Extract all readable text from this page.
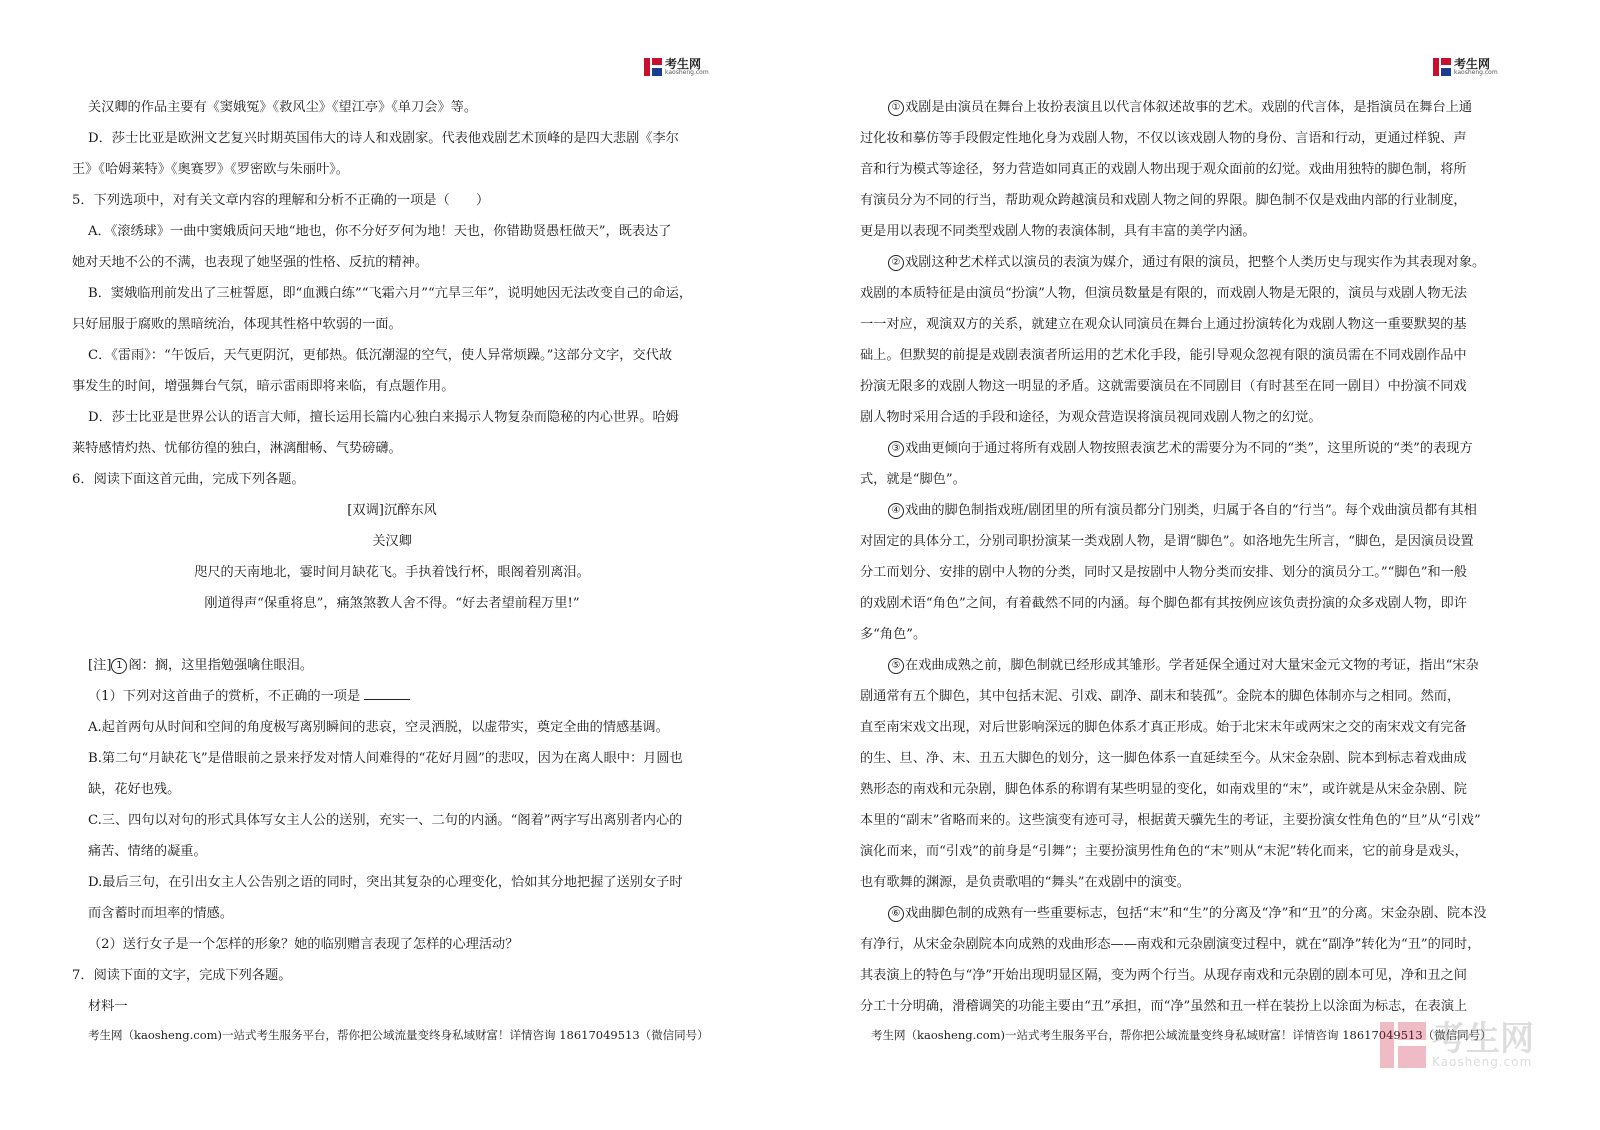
考生网
kaosheng.com
关汉卿的作品主要有《窦娥冤》《救风尘》《望江亭》《单刀会》等。
D．莎士比亚是欧洲文艺复兴时期英国伟大的诗人和戏剧家。代表他戏剧艺术顶峰的是四大悲剧《李尔
王》《哈姆莱特》《奥赛罗》《罗密欧与朱丽叶》。
5．下列选项中，对有关文章内容的理解和分析不正确的一项是（　　）
A．《滚绣球》一曲中窦娥质问天地“地也，你不分好歹何为地！天也，你错勘贤愚枉做天”，既表达了
她对天地不公的不满，也表现了她坚强的性格、反抗的精神。
B．窦娥临刑前发出了三桩誓愿，即“血溅白练”“飞霜六月”“亢旱三年”，说明她因无法改变自己的命运，
只好屈服于腐败的黑暗统治，体现其性格中软弱的一面。
C．《雷雨》：“午饭后，天气更阴沉，更郁热。低沉潮湿的空气，使人异常烦躁。”这部分文字，交代故
事发生的时间，增强舞台气氛，暗示雷雨即将来临，有点题作用。
D．莎士比亚是世界公认的语言大师，擅长运用长篇内心独白来揭示人物复杂而隐秘的内心世界。哈姆
莱特感情灼热、忧郁彷徨的独白，淋漓酣畅、气势磅礴。
6．阅读下面这首元曲，完成下列各题。
[双调]沉醉东风
关汉卿
咫尺的天南地北，霎时间月缺花飞。手执着饯行杯，眼阁着别离泪。
刚道得声“保重将息”，痛煞煞教人舍不得。“好去者望前程万里!”
[注] 1 阁：搁，这里指勉强噙住眼泪。
（1）下列对这首曲子的赏析，不正确的一项是
A.起首两句从时间和空间的角度极写离别瞬间的悲哀，空灵洒脱，以虚带实，奠定全曲的情感基调。
B.第二句“月缺花飞”是借眼前之景来抒发对情人间难得的“花好月圆”的悲叹，因为在离人眼中：月圆也
缺，花好也残。
C.三、四句以对句的形式具体写女主人公的送别，充实一、二句的内涵。“阁着”两字写出离别者内心的
痛苦、情绪的凝重。
D.最后三句，在引出女主人公告别之语的同时，突出其复杂的心理变化，恰如其分地把握了送别女子时
而含蓄时而坦率的情感。
（2）送行女子是一个怎样的形象？她的临别赠言表现了怎样的心理活动？
7．阅读下面的文字，完成下列各题。
材料一
考生网（kaosheng.com)一站式考生服务平台，帮你把公域流量变终身私域财富！详情咨询 18617049513（微信同号）
考生网
kaosheng.com
① 戏剧是由演员在舞台上妆扮表演且以代言体叙述故事的艺术。戏剧的代言体，是指演员在舞台上通
过化妆和摹仿等手段假定性地化身为戏剧人物，不仅以该戏剧人物的身份、言语和行动，更通过样貌、声
音和行为模式等途径，努力营造如同真正的戏剧人物出现于观众面前的幻觉。戏曲用独特的脚色制，将所
有演员分为不同的行当，帮助观众跨越演员和戏剧人物之间的界限。脚色制不仅是戏曲内部的行业制度，
更是用以表现不同类型戏剧人物的表演体制，具有丰富的美学内涵。
② 戏剧这种艺术样式以演员的表演为媒介，通过有限的演员，把整个人类历史与现实作为其表现对象。
戏剧的本质特征是由演员“扮演”人物，但演员数量是有限的，而戏剧人物是无限的，演员与戏剧人物无法
一一对应，观演双方的关系，就建立在观众认同演员在舞台上通过扮演转化为戏剧人物这一重要默契的基
础上。但默契的前提是戏剧表演者所运用的艺术化手段，能引导观众忽视有限的演员需在不同戏剧作品中
扮演无限多的戏剧人物这一明显的矛盾。这就需要演员在不同剧目（有时甚至在同一剧目）中扮演不同戏
剧人物时采用合适的手段和途径，为观众营造误将演员视同戏剧人物之的幻觉。
③ 戏曲更倾向于通过将所有戏剧人物按照表演艺术的需要分为不同的“类”，这里所说的“类”的表现方
式，就是“脚色”。
④ 戏曲的脚色制指戏班/剧团里的所有演员都分门别类，归属于各自的“行当”。每个戏曲演员都有其相
对固定的具体分工，分别司职扮演某一类戏剧人物，是谓“脚色”。如洛地先生所言，“脚色，是因演员设置
分工而划分、安排的剧中人物的分类，同时又是按剧中人物分类而安排、划分的演员分工。”“脚色”和一般
的戏剧术语“角色”之间，有着截然不同的内涵。每个脚色都有其按例应该负责扮演的众多戏剧人物，即许
多“角色”。
⑤ 在戏曲成熟之前，脚色制就已经形成其雏形。学者延保全通过对大量宋金元文物的考证，指出“宋杂
剧通常有五个脚色，其中包括末泥、引戏、副净、副末和装孤”。金院本的脚色体制亦与之相同。然而，
直至南宋戏文出现，对后世影响深远的脚色体系才真正形成。始于北宋末年或两宋之交的南宋戏文有完备
的生、旦、净、末、丑五大脚色的划分，这一脚色体系一直延续至今。从宋金杂剧、院本到标志着戏曲成
熟形态的南戏和元杂剧，脚色体系的称谓有某些明显的变化，如南戏里的“末”，或许就是从宋金杂剧、院
本里的“副末”省略而来的。这些演变有迹可寻，根据黄天骥先生的考证，主要扮演女性角色的“旦”从“引戏”
演化而来，而“引戏”的前身是“引舞”；主要扮演男性角色的“末”则从“末泥”转化而来，它的前身是戏头，
也有歌舞的渊源，是负责歌唱的“舞头”在戏剧中的演变。
⑥ 戏曲脚色制的成熟有一些重要标志，包括“末”和“生”的分离及“净”和“丑”的分离。宋金杂剧、院本没
有净行，从宋金杂剧院本向成熟的戏曲形态——南戏和元杂剧演变过程中，就在“副净”转化为“丑”的同时，
其表演上的特色与“净”开始出现明显区隔，变为两个行当。从现存南戏和元杂剧的剧本可见，净和丑之间
分工十分明确，滑稽调笑的功能主要由“丑”承担，而“净”虽然和丑一样在装扮上以涂面为标志，在表演上
考生网（kaosheng.com)一站式考生服务平台，帮你把公域流量变终身私域财富！详情咨询 18617049513（微信同号）
考生网
Kaosheng.com
